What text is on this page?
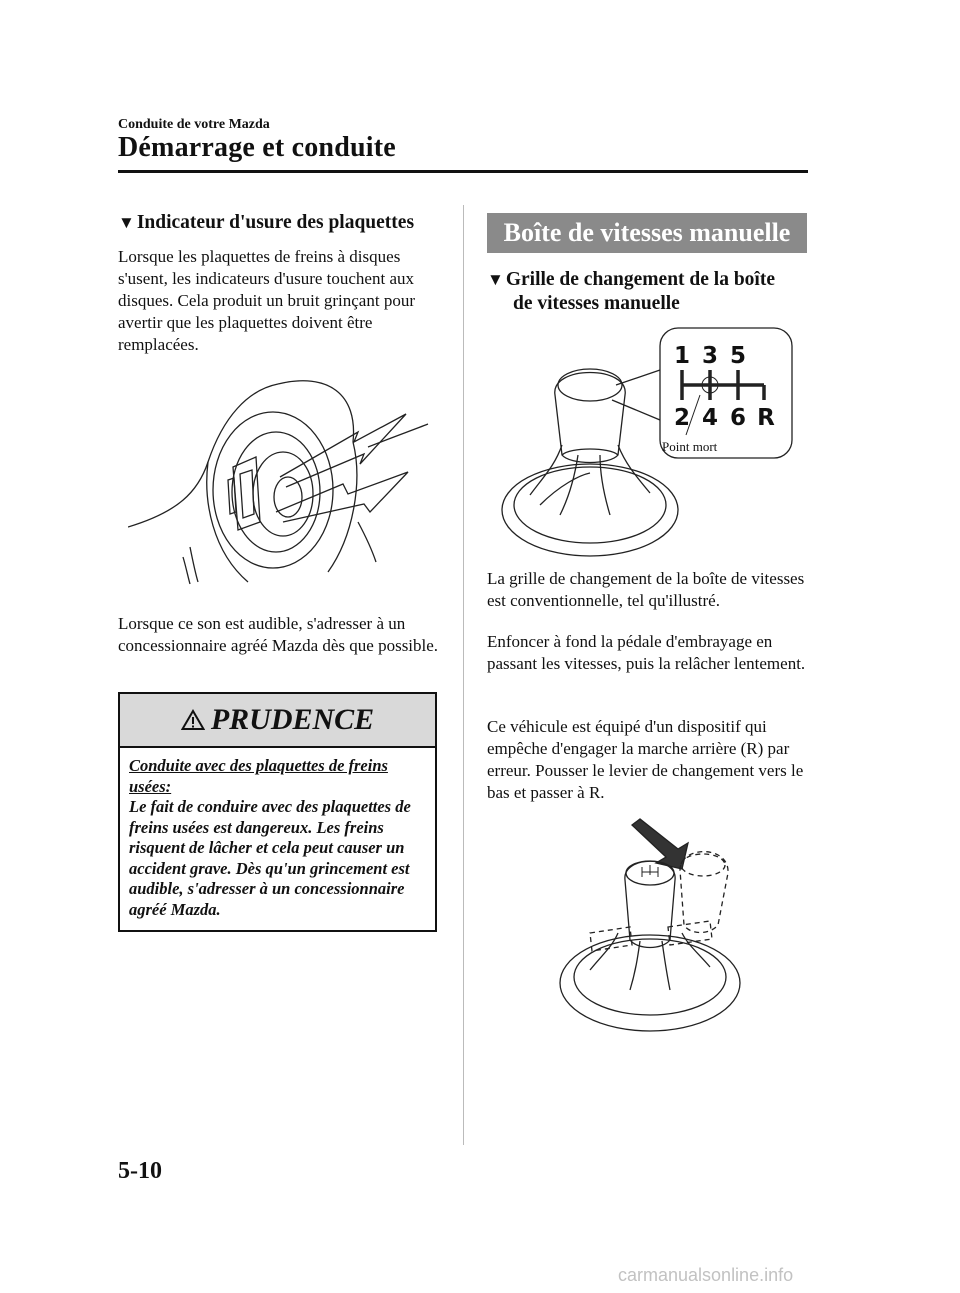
Conduite de votre Mazda
Démarrage et conduite
▼ Indicateur d'usure des plaquettes
Lorsque les plaquettes de freins à disques s'usent, les indicateurs d'usure touchent aux disques. Cela produit un bruit grinçant pour avertir que les plaquettes doivent être remplacées.
Lorsque ce son est audible, s'adresser à un concessionnaire agréé Mazda dès que possible.
PRUDENCE
Conduite avec des plaquettes de freins usées:
Le fait de conduire avec des plaquettes de freins usées est dangereux. Les freins risquent de lâcher et cela peut causer un accident grave. Dès qu'un grincement est audible, s'adresser à un concessionnaire agréé Mazda.
Boîte de vitesses manuelle
▼ Grille de changement de la boîte
de vitesses manuelle
1 3 5
2 4 6 R
Point mort
La grille de changement de la boîte de vitesses est conventionnelle, tel qu'illustré.
Enfoncer à fond la pédale d'embrayage en passant les vitesses, puis la relâcher lentement.
Ce véhicule est équipé d'un dispositif qui empêche d'engager la marche arrière (R) par erreur. Pousser le levier de changement vers le bas et passer à R.
5-10
carmanualsonline.info
